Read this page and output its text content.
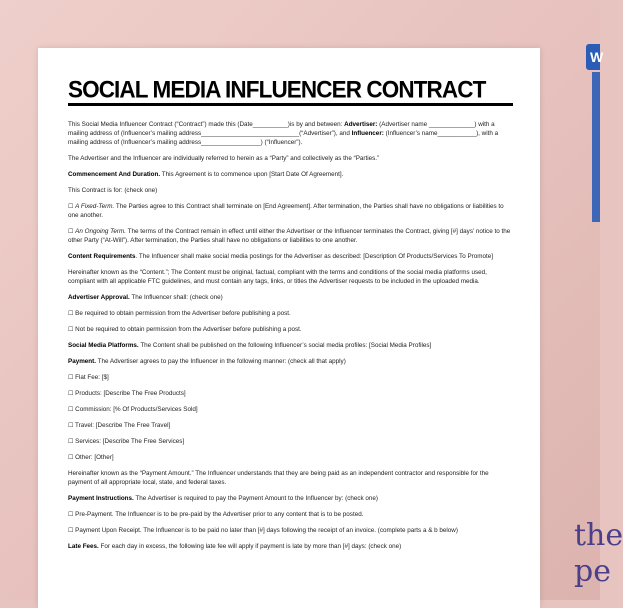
W
the
pe
SOCIAL MEDIA INFLUENCER CONTRACT

This Social Media Influencer Contract (“Contract”) made this (Date__________)is by and between: Advertiser: (Advertiser name _____________) with a mailing address of (Influencer’s mailing address____________________________(“Advertiser”), and Influencer: (Influencer’s name___________), with a mailing address of (Influencer’s mailing address_________________) (“Influencer”).

The Advertiser and the Influencer are individually referred to herein as a “Party” and collectively as the “Parties.”

Commencement And Duration. This Agreement is to commence upon [Start Date Of Agreement].

This Contract is for: (check one)

☐ A Fixed-Term. The Parties agree to this Contract shall terminate on [End Agreement]. After termination, the Parties shall have no obligations or liabilities to one another.

☐ An Ongoing Term. The terms of the Contract remain in effect until either the Advertiser or the Influencer terminates the Contract, giving [#] days’ notice to the other Party (“At-Will”). After termination, the Parties shall have no obligations or liabilities to one another.

Content Requirements. The Influencer shall make social media postings for the Advertiser as described: [Description Of Products/Services To Promote]

Hereinafter known as the “Content.”; The Content must be original, factual, compliant with the terms and conditions of the social media platforms used, compliant with all applicable FTC guidelines, and must contain any tags, links, or titles the Advertiser requests to be included in the uploaded media.

Advertiser Approval. The Influencer shall: (check one)

☐ Be required to obtain permission from the Advertiser before publishing a post.

☐ Not be required to obtain permission from the Advertiser before publishing a post.

Social Media Platforms. The Content shall be published on the following Influencer’s social media profiles: [Social Media Profiles]

Payment. The Advertiser agrees to pay the Influencer in the following manner: (check all that apply)

☐ Flat Fee: [$]

☐ Products: [Describe The Free Products]

☐ Commission: [% Of Products/Services Sold]

☐ Travel: [Describe The Free Travel]

☐ Services: [Describe The Free Services]

☐ Other: [Other]

Hereinafter known as the “Payment Amount.” The Influencer understands that they are being paid as an independent contractor and responsible for the payment of all appropriate local, state, and federal taxes.

Payment Instructions. The Advertiser is required to pay the Payment Amount to the Influencer by: (check one)

☐ Pre-Payment. The Influencer is to be pre-paid by the Advertiser prior to any content that is to be posted.

☐ Payment Upon Receipt. The Influencer is to be paid no later than [#] days following the receipt of an invoice. (complete parts a & b below)

Late Fees. For each day in excess, the following late fee will apply if payment is late by more than [#] days: (check one)
